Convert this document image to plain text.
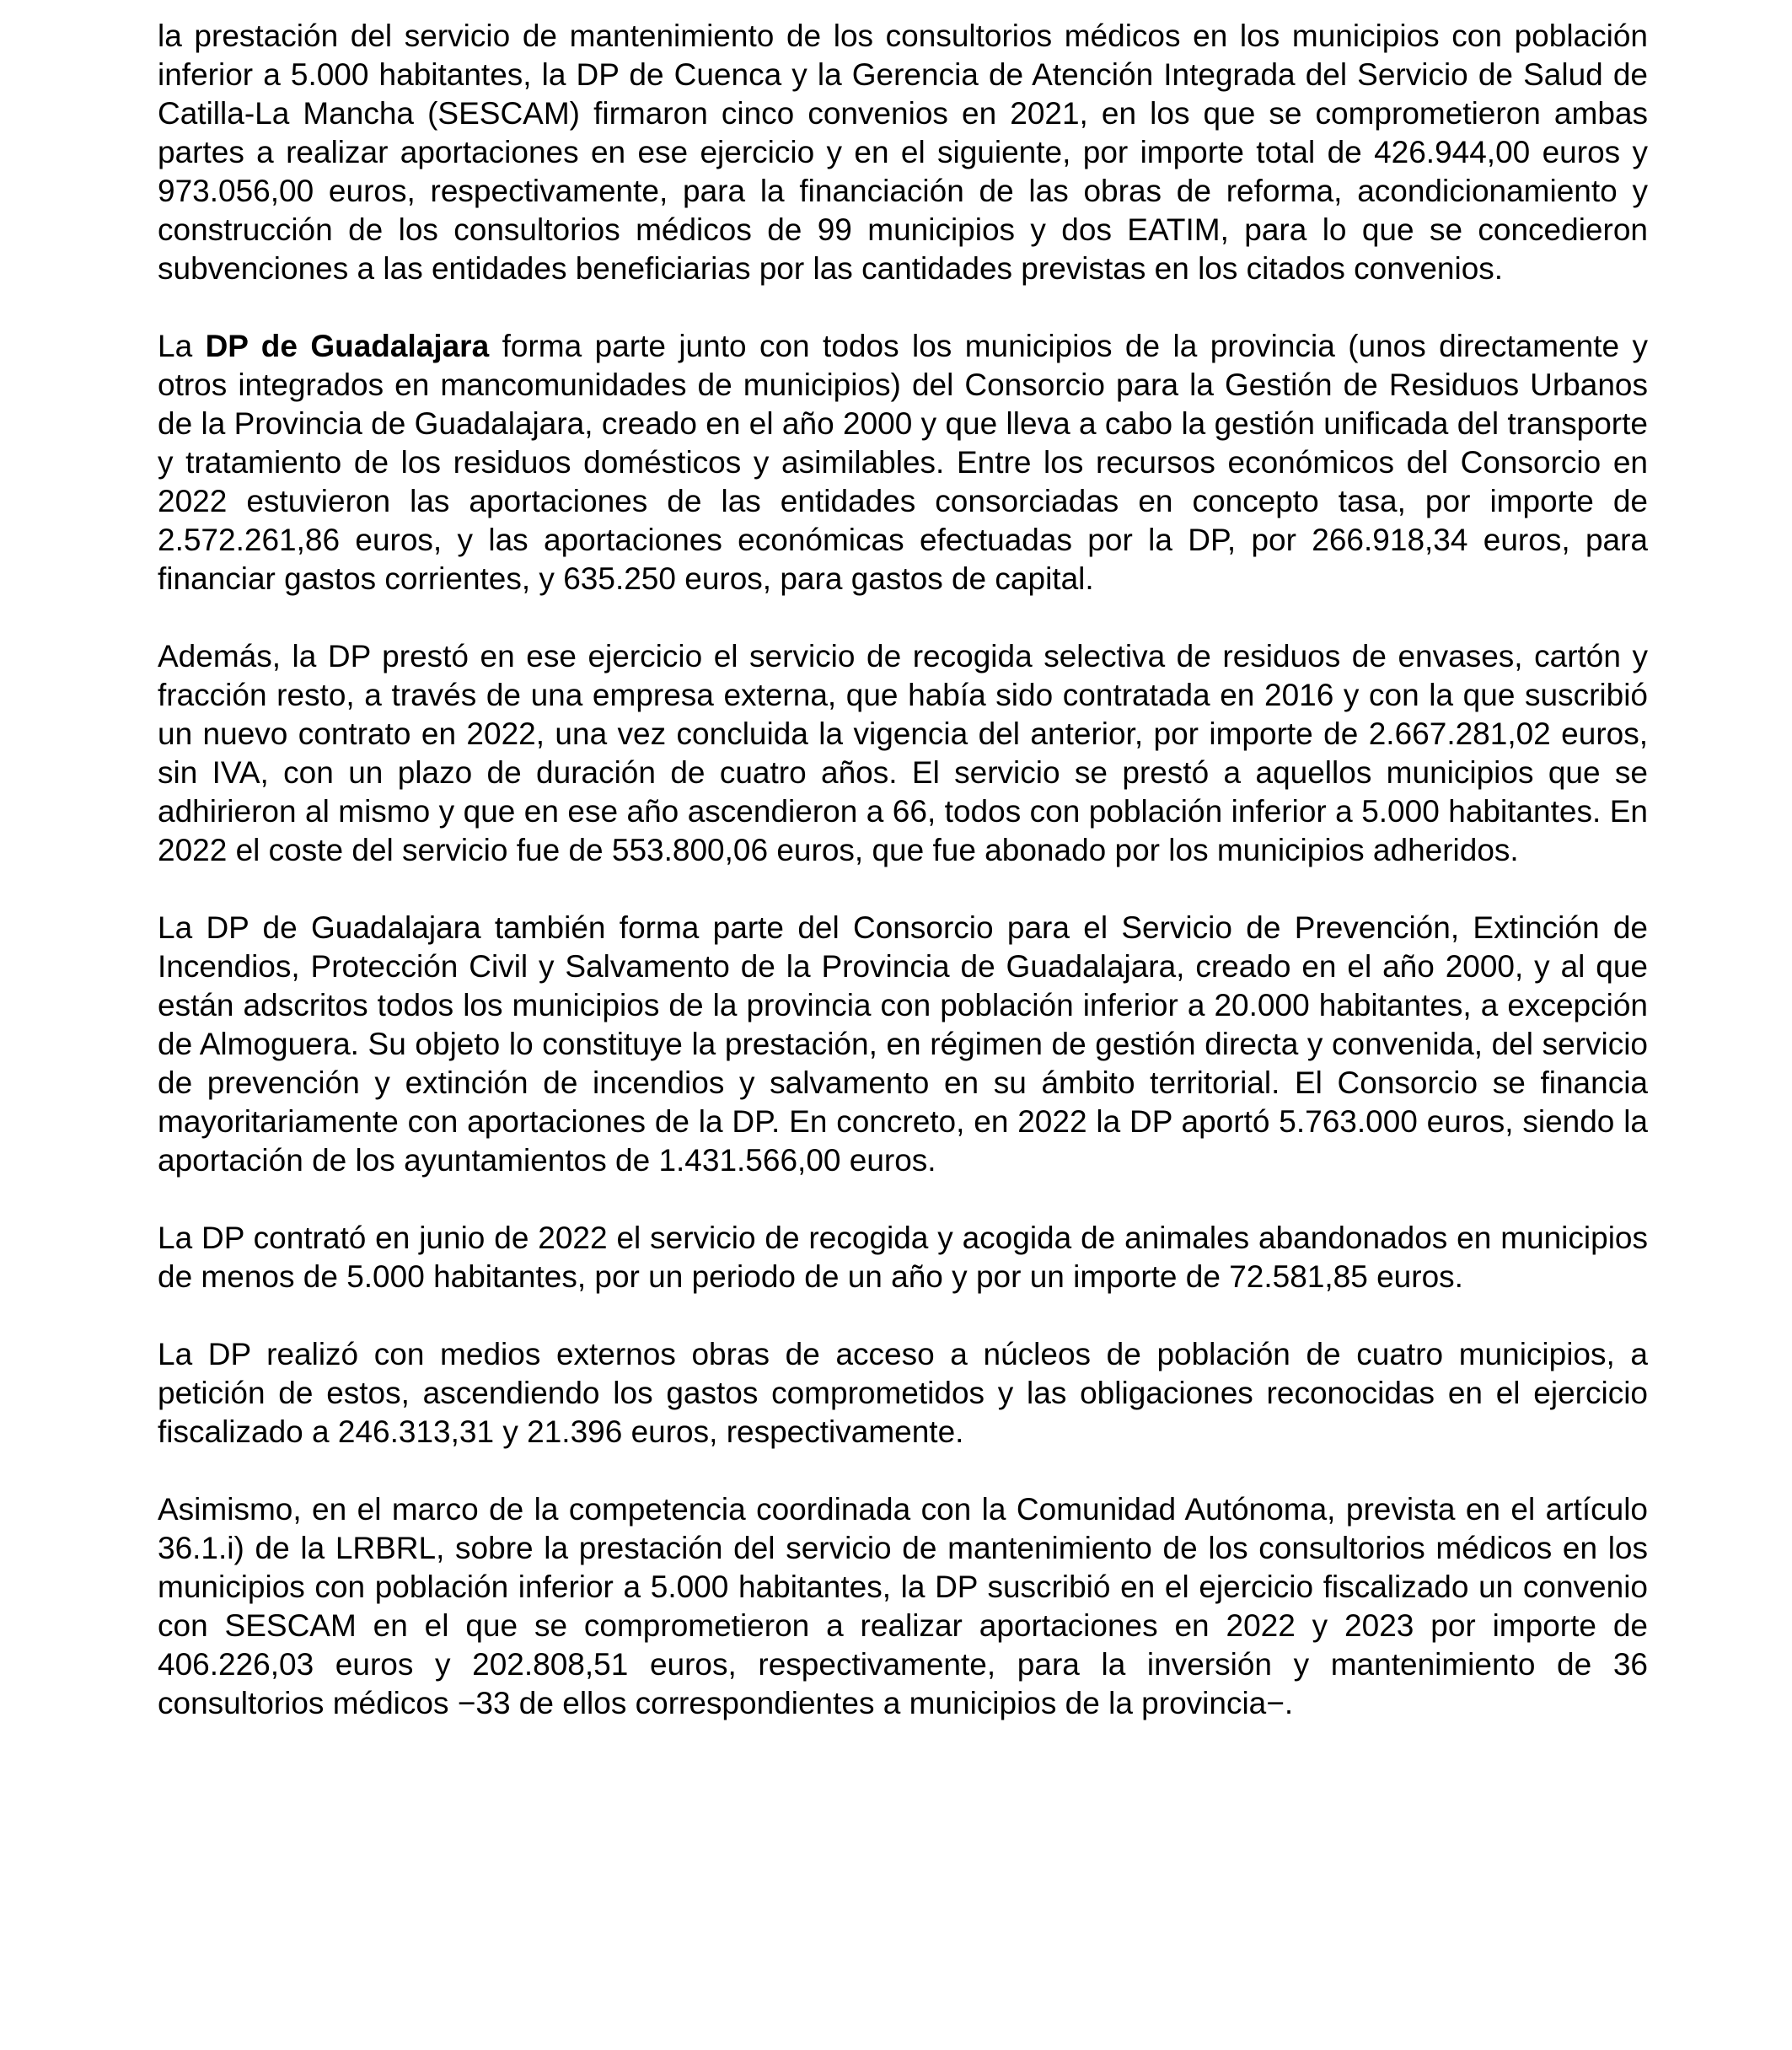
la prestación del servicio de mantenimiento de los consultorios médicos en los municipios con población inferior a 5.000 habitantes, la DP de Cuenca y la Gerencia de Atención Integrada del Servicio de Salud de Catilla-La Mancha (SESCAM) firmaron cinco convenios en 2021, en los que se comprometieron ambas partes a realizar aportaciones en ese ejercicio y en el siguiente, por importe total de 426.944,00 euros y 973.056,00 euros, respectivamente, para la financiación de las obras de reforma, acondicionamiento y construcción de los consultorios médicos de 99 municipios y dos EATIM, para lo que se concedieron subvenciones a las entidades beneficiarias por las cantidades previstas en los citados convenios.

La DP de Guadalajara forma parte junto con todos los municipios de la provincia (unos directamente y otros integrados en mancomunidades de municipios) del Consorcio para la Gestión de Residuos Urbanos de la Provincia de Guadalajara, creado en el año 2000 y que lleva a cabo la gestión unificada del transporte y tratamiento de los residuos domésticos y asimilables. Entre los recursos económicos del Consorcio en 2022 estuvieron las aportaciones de las entidades consorciadas en concepto tasa, por importe de 2.572.261,86 euros, y las aportaciones económicas efectuadas por la DP, por 266.918,34 euros, para financiar gastos corrientes, y 635.250 euros, para gastos de capital.

Además, la DP prestó en ese ejercicio el servicio de recogida selectiva de residuos de envases, cartón y fracción resto, a través de una empresa externa, que había sido contratada en 2016 y con la que suscribió un nuevo contrato en 2022, una vez concluida la vigencia del anterior, por importe de 2.667.281,02 euros, sin IVA, con un plazo de duración de cuatro años. El servicio se prestó a aquellos municipios que se adhirieron al mismo y que en ese año ascendieron a 66, todos con población inferior a 5.000 habitantes. En 2022 el coste del servicio fue de 553.800,06 euros, que fue abonado por los municipios adheridos.

La DP de Guadalajara también forma parte del Consorcio para el Servicio de Prevención, Extinción de Incendios, Protección Civil y Salvamento de la Provincia de Guadalajara, creado en el año 2000, y al que están adscritos todos los municipios de la provincia con población inferior a 20.000 habitantes, a excepción de Almoguera. Su objeto lo constituye la prestación, en régimen de gestión directa y convenida, del servicio de prevención y extinción de incendios y salvamento en su ámbito territorial. El Consorcio se financia mayoritariamente con aportaciones de la DP. En concreto, en 2022 la DP aportó 5.763.000 euros, siendo la aportación de los ayuntamientos de 1.431.566,00 euros.

La DP contrató en junio de 2022 el servicio de recogida y acogida de animales abandonados en municipios de menos de 5.000 habitantes, por un periodo de un año y por un importe de 72.581,85 euros.

La DP realizó con medios externos obras de acceso a núcleos de población de cuatro municipios, a petición de estos, ascendiendo los gastos comprometidos y las obligaciones reconocidas en el ejercicio fiscalizado a 246.313,31 y 21.396 euros, respectivamente.

Asimismo, en el marco de la competencia coordinada con la Comunidad Autónoma, prevista en el artículo 36.1.i) de la LRBRL, sobre la prestación del servicio de mantenimiento de los consultorios médicos en los municipios con población inferior a 5.000 habitantes, la DP suscribió en el ejercicio fiscalizado un convenio con SESCAM en el que se comprometieron a realizar aportaciones en 2022 y 2023 por importe de 406.226,03 euros y 202.808,51 euros, respectivamente, para la inversión y mantenimiento de 36 consultorios médicos −33 de ellos correspondientes a municipios de la provincia−.
